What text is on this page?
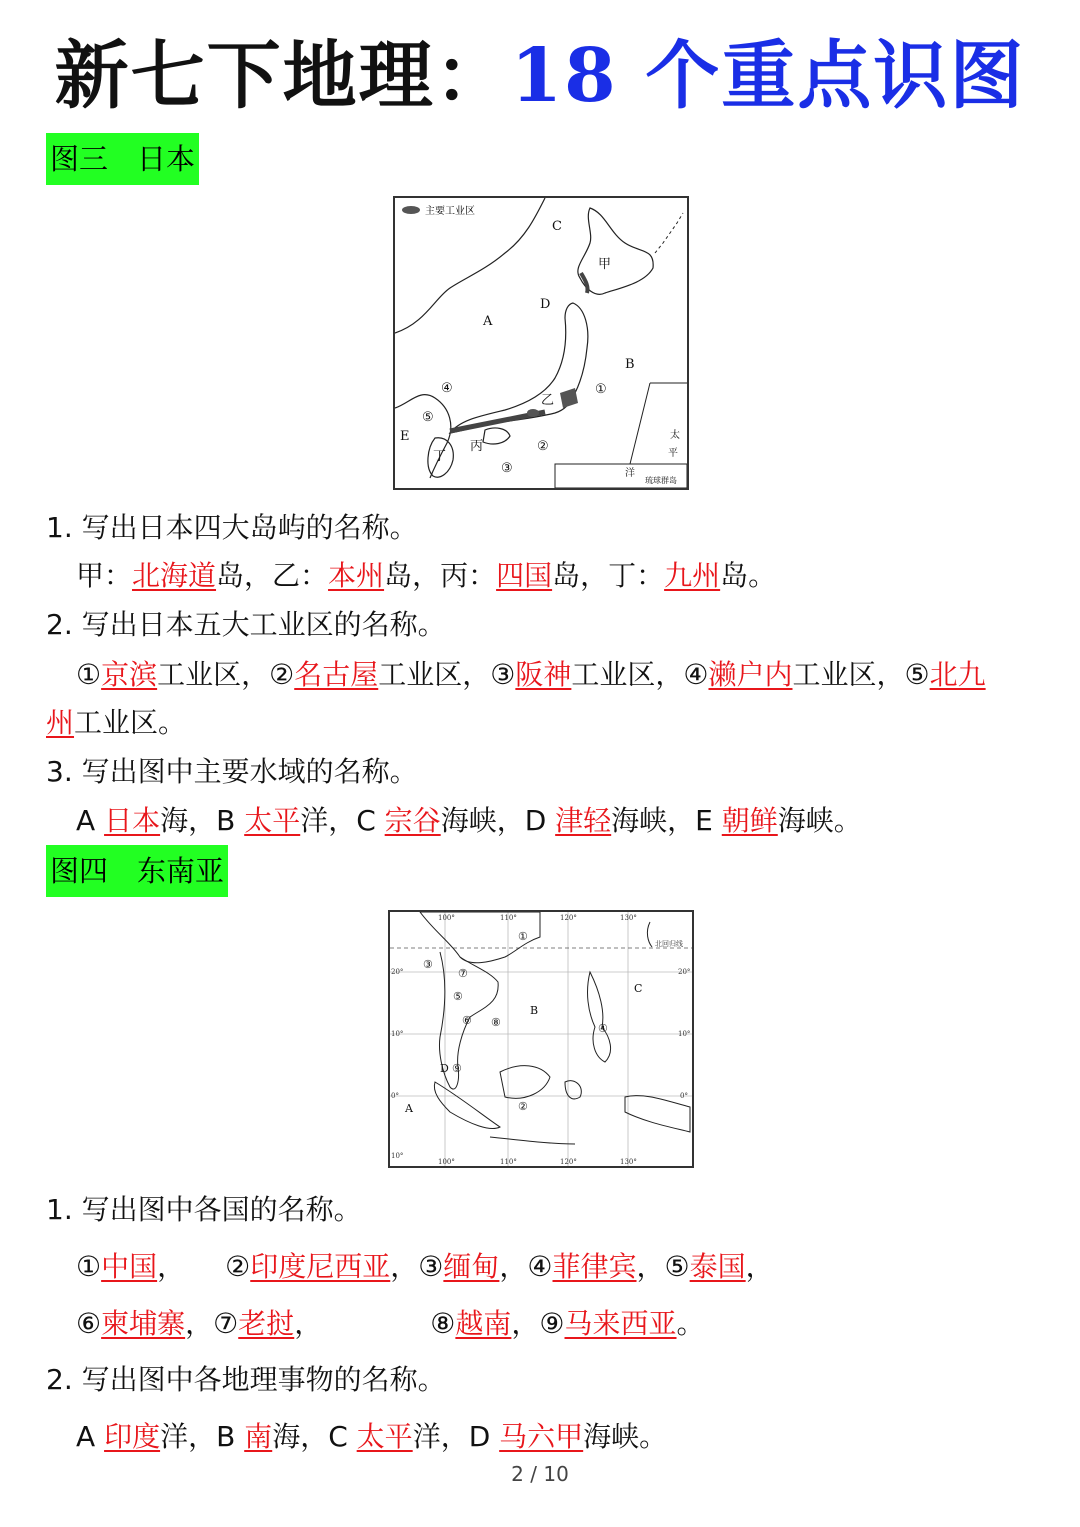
新七下地理：18 个重点识图
图三　日本
主要工业区
A
B
C
D
E
甲
乙
丙
丁
①
②
③
④
⑤
太
平
洋
琉球群岛
1. 写出日本四大岛屿的名称。
甲：北海道岛，乙：本州岛，丙：四国岛，丁：九州岛。
2. 写出日本五大工业区的名称。
①京滨工业区，②名古屋工业区，③阪神工业区，④濑户内工业区，⑤北九
州工业区。
3. 写出图中主要水域的名称。
A 日本海，B 太平洋，C 宗谷海峡，D 津轻海峡，E 朝鲜海峡。
图四　东南亚
100°	110°	120°	130°
100°	110°	120°	130°
20°
10°
0°
20°
10°
0°
10°
北回归线
A
B
C
D
①
②
③
④
⑤
⑥
⑦
⑧
⑨
1. 写出图中各国的名称。
①中国， ②印度尼西亚，③缅甸，④菲律宾，⑤泰国，
⑥柬埔寨，⑦老挝，	⑧越南，⑨马来西亚。
2. 写出图中各地理事物的名称。
A 印度洋，B 南海，C 太平洋，D 马六甲海峡。
2 / 10
